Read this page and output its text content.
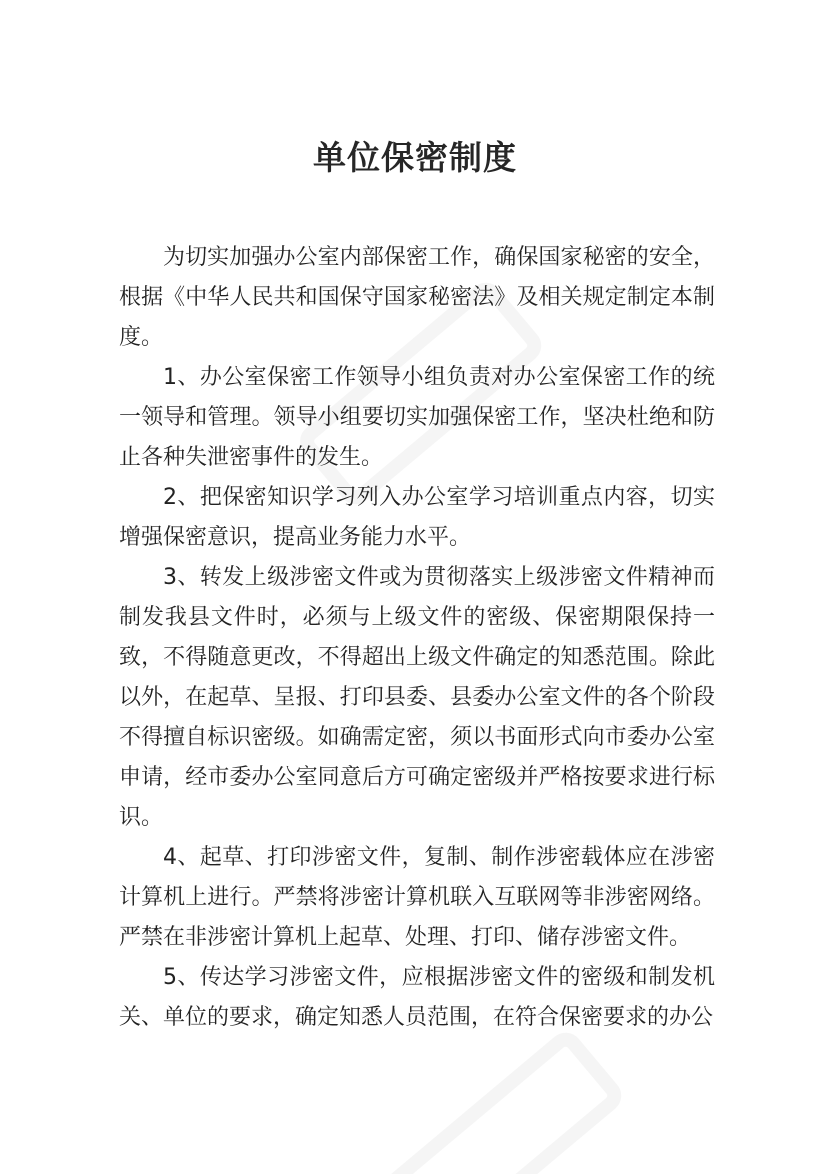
单位保密制度

为切实加强办公室内部保密工作，确保国家秘密的安全，根据《中华人民共和国保守国家秘密法》及相关规定制定本制度。

1、办公室保密工作领导小组负责对办公室保密工作的统一领导和管理。领导小组要切实加强保密工作，坚决杜绝和防止各种失泄密事件的发生。

2、把保密知识学习列入办公室学习培训重点内容，切实增强保密意识，提高业务能力水平。

3、转发上级涉密文件或为贯彻落实上级涉密文件精神而制发我县文件时，必须与上级文件的密级、保密期限保持一致，不得随意更改，不得超出上级文件确定的知悉范围。除此以外，在起草、呈报、打印县委、县委办公室文件的各个阶段不得擅自标识密级。如确需定密，须以书面形式向市委办公室申请，经市委办公室同意后方可确定密级并严格按要求进行标识。

4、起草、打印涉密文件，复制、制作涉密载体应在涉密计算机上进行。严禁将涉密计算机联入互联网等非涉密网络。严禁在非涉密计算机上起草、处理、打印、储存涉密文件。

5、传达学习涉密文件，应根据涉密文件的密级和制发机关、单位的要求，确定知悉人员范围，在符合保密要求的办公
